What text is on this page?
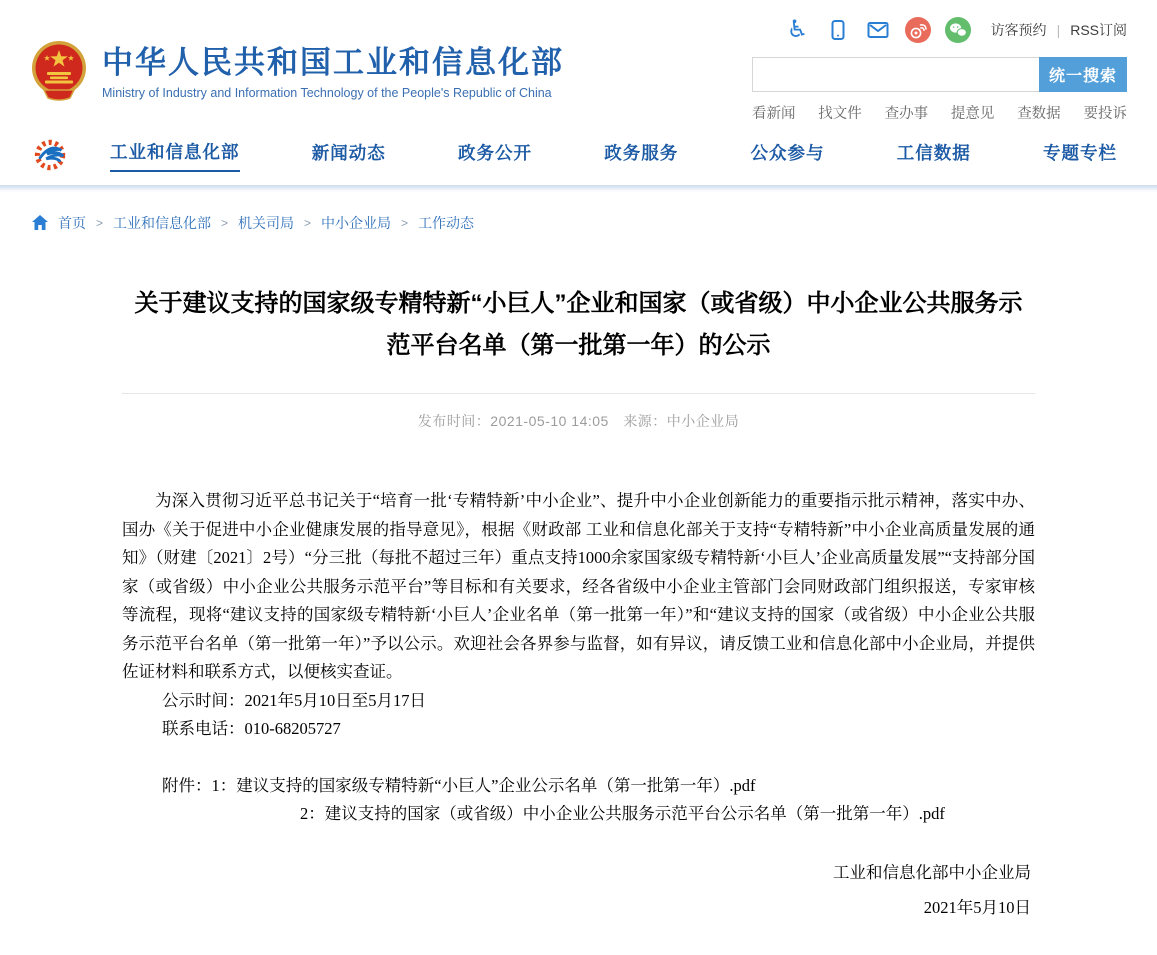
中华人民共和国工业和信息化部
Ministry of Industry and Information Technology of the People's Republic of China
♿	访客预约 | RSS订阅
统一搜索
看新闻 找文件 查办事 提意见 查数据 要投诉
工业和信息化部	新闻动态	政务公开	政务服务	公众参与	工信数据	专题专栏
首页 > 工业和信息化部 > 机关司局 > 中小企业局 > 工作动态
关于建议支持的国家级专精特新“小巨人”企业和国家（或省级）中小企业公共服务示范平台名单（第一批第一年）的公示
发布时间：2021-05-10 14:05 来源：中小企业局

为深入贯彻习近平总书记关于“培育一批‘专精特新’中小企业”、提升中小企业创新能力的重要指示批示精神，落实中办、国办《关于促进中小企业健康发展的指导意见》，根据《财政部 工业和信息化部关于支持“专精特新”中小企业高质量发展的通知》（财建〔2021〕2号）“分三批（每批不超过三年）重点支持1000余家国家级专精特新‘小巨人’企业高质量发展”“支持部分国家（或省级）中小企业公共服务示范平台”等目标和有关要求，经各省级中小企业主管部门会同财政部门组织报送，专家审核等流程，现将“建议支持的国家级专精特新‘小巨人’企业名单（第一批第一年）”和“建议支持的国家（或省级）中小企业公共服务示范平台名单（第一批第一年）”予以公示。欢迎社会各界参与监督，如有异议，请反馈工业和信息化部中小企业局，并提供佐证材料和联系方式，以便核实查证。

公示时间：2021年5月10日至5月17日

联系电话：010-68205727

附件：1：建议支持的国家级专精特新“小巨人”企业公示名单（第一批第一年）.pdf

2：建议支持的国家（或省级）中小企业公共服务示范平台公示名单（第一批第一年）.pdf

工业和信息化部中小企业局
2021年5月10日
